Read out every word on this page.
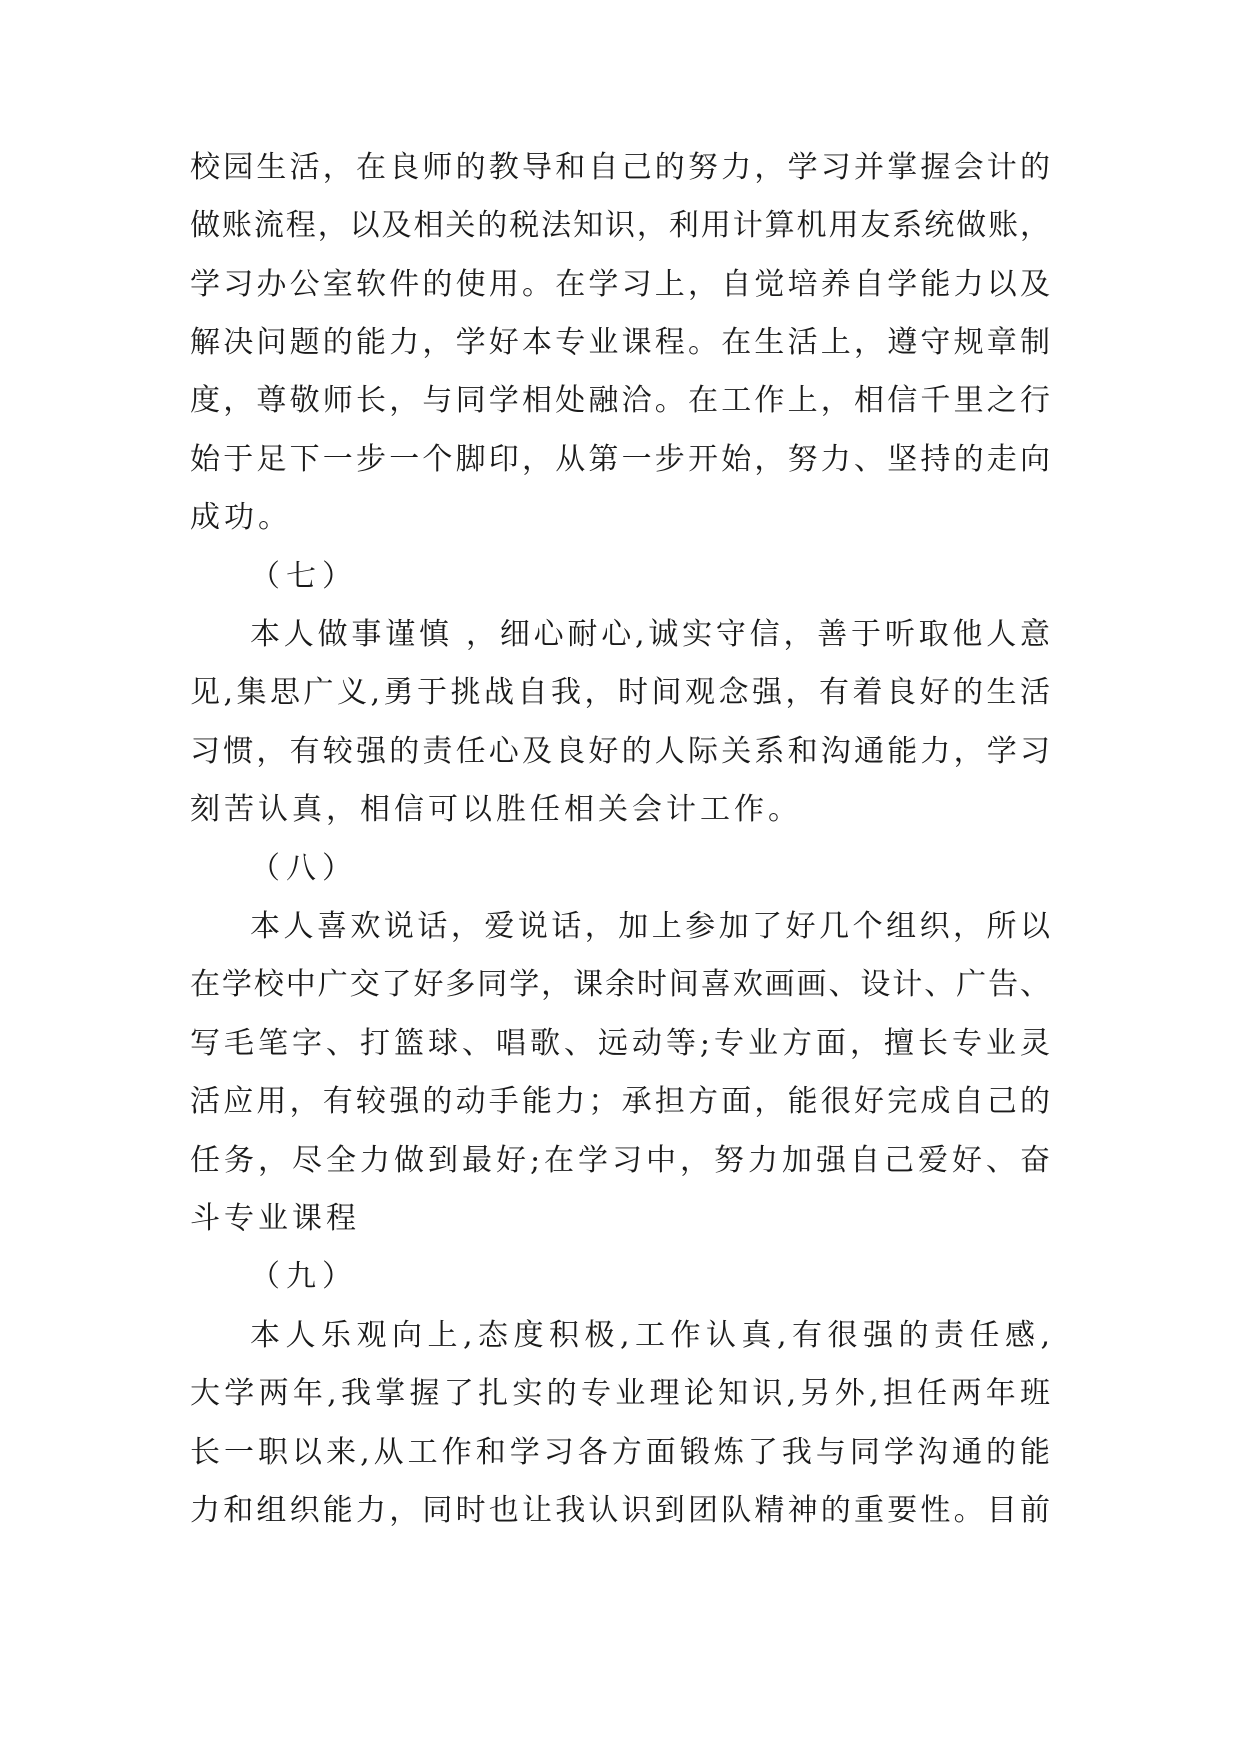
校园生活，在良师的教导和自己的努力，学习并掌握会计的
做账流程，以及相关的税法知识，利用计算机用友系统做账，
学习办公室软件的使用。在学习上，自觉培养自学能力以及
解决问题的能力，学好本专业课程。在生活上，遵守规章制
度，尊敬师长，与同学相处融洽。在工作上，相信千里之行
始于足下一步一个脚印，从第一步开始，努力、坚持的走向
成功。
（七）
本人做事谨慎 ，细心耐心,诚实守信，善于听取他人意
见,集思广义,勇于挑战自我，时间观念强，有着良好的生活
习惯，有较强的责任心及良好的人际关系和沟通能力，学习
刻苦认真，相信可以胜任相关会计工作。
（八）
本人喜欢说话，爱说话，加上参加了好几个组织，所以
在学校中广交了好多同学，课余时间喜欢画画、设计、广告、
写毛笔字、打篮球、唱歌、远动等;专业方面，擅长专业灵
活应用，有较强的动手能力；承担方面，能很好完成自己的
任务，尽全力做到最好;在学习中，努力加强自己爱好、奋
斗专业课程
（九）
本人乐观向上,态度积极,工作认真,有很强的责任感,
大学两年,我掌握了扎实的专业理论知识,另外,担任两年班
长一职以来,从工作和学习各方面锻炼了我与同学沟通的能
力和组织能力，同时也让我认识到团队精神的重要性。目前
